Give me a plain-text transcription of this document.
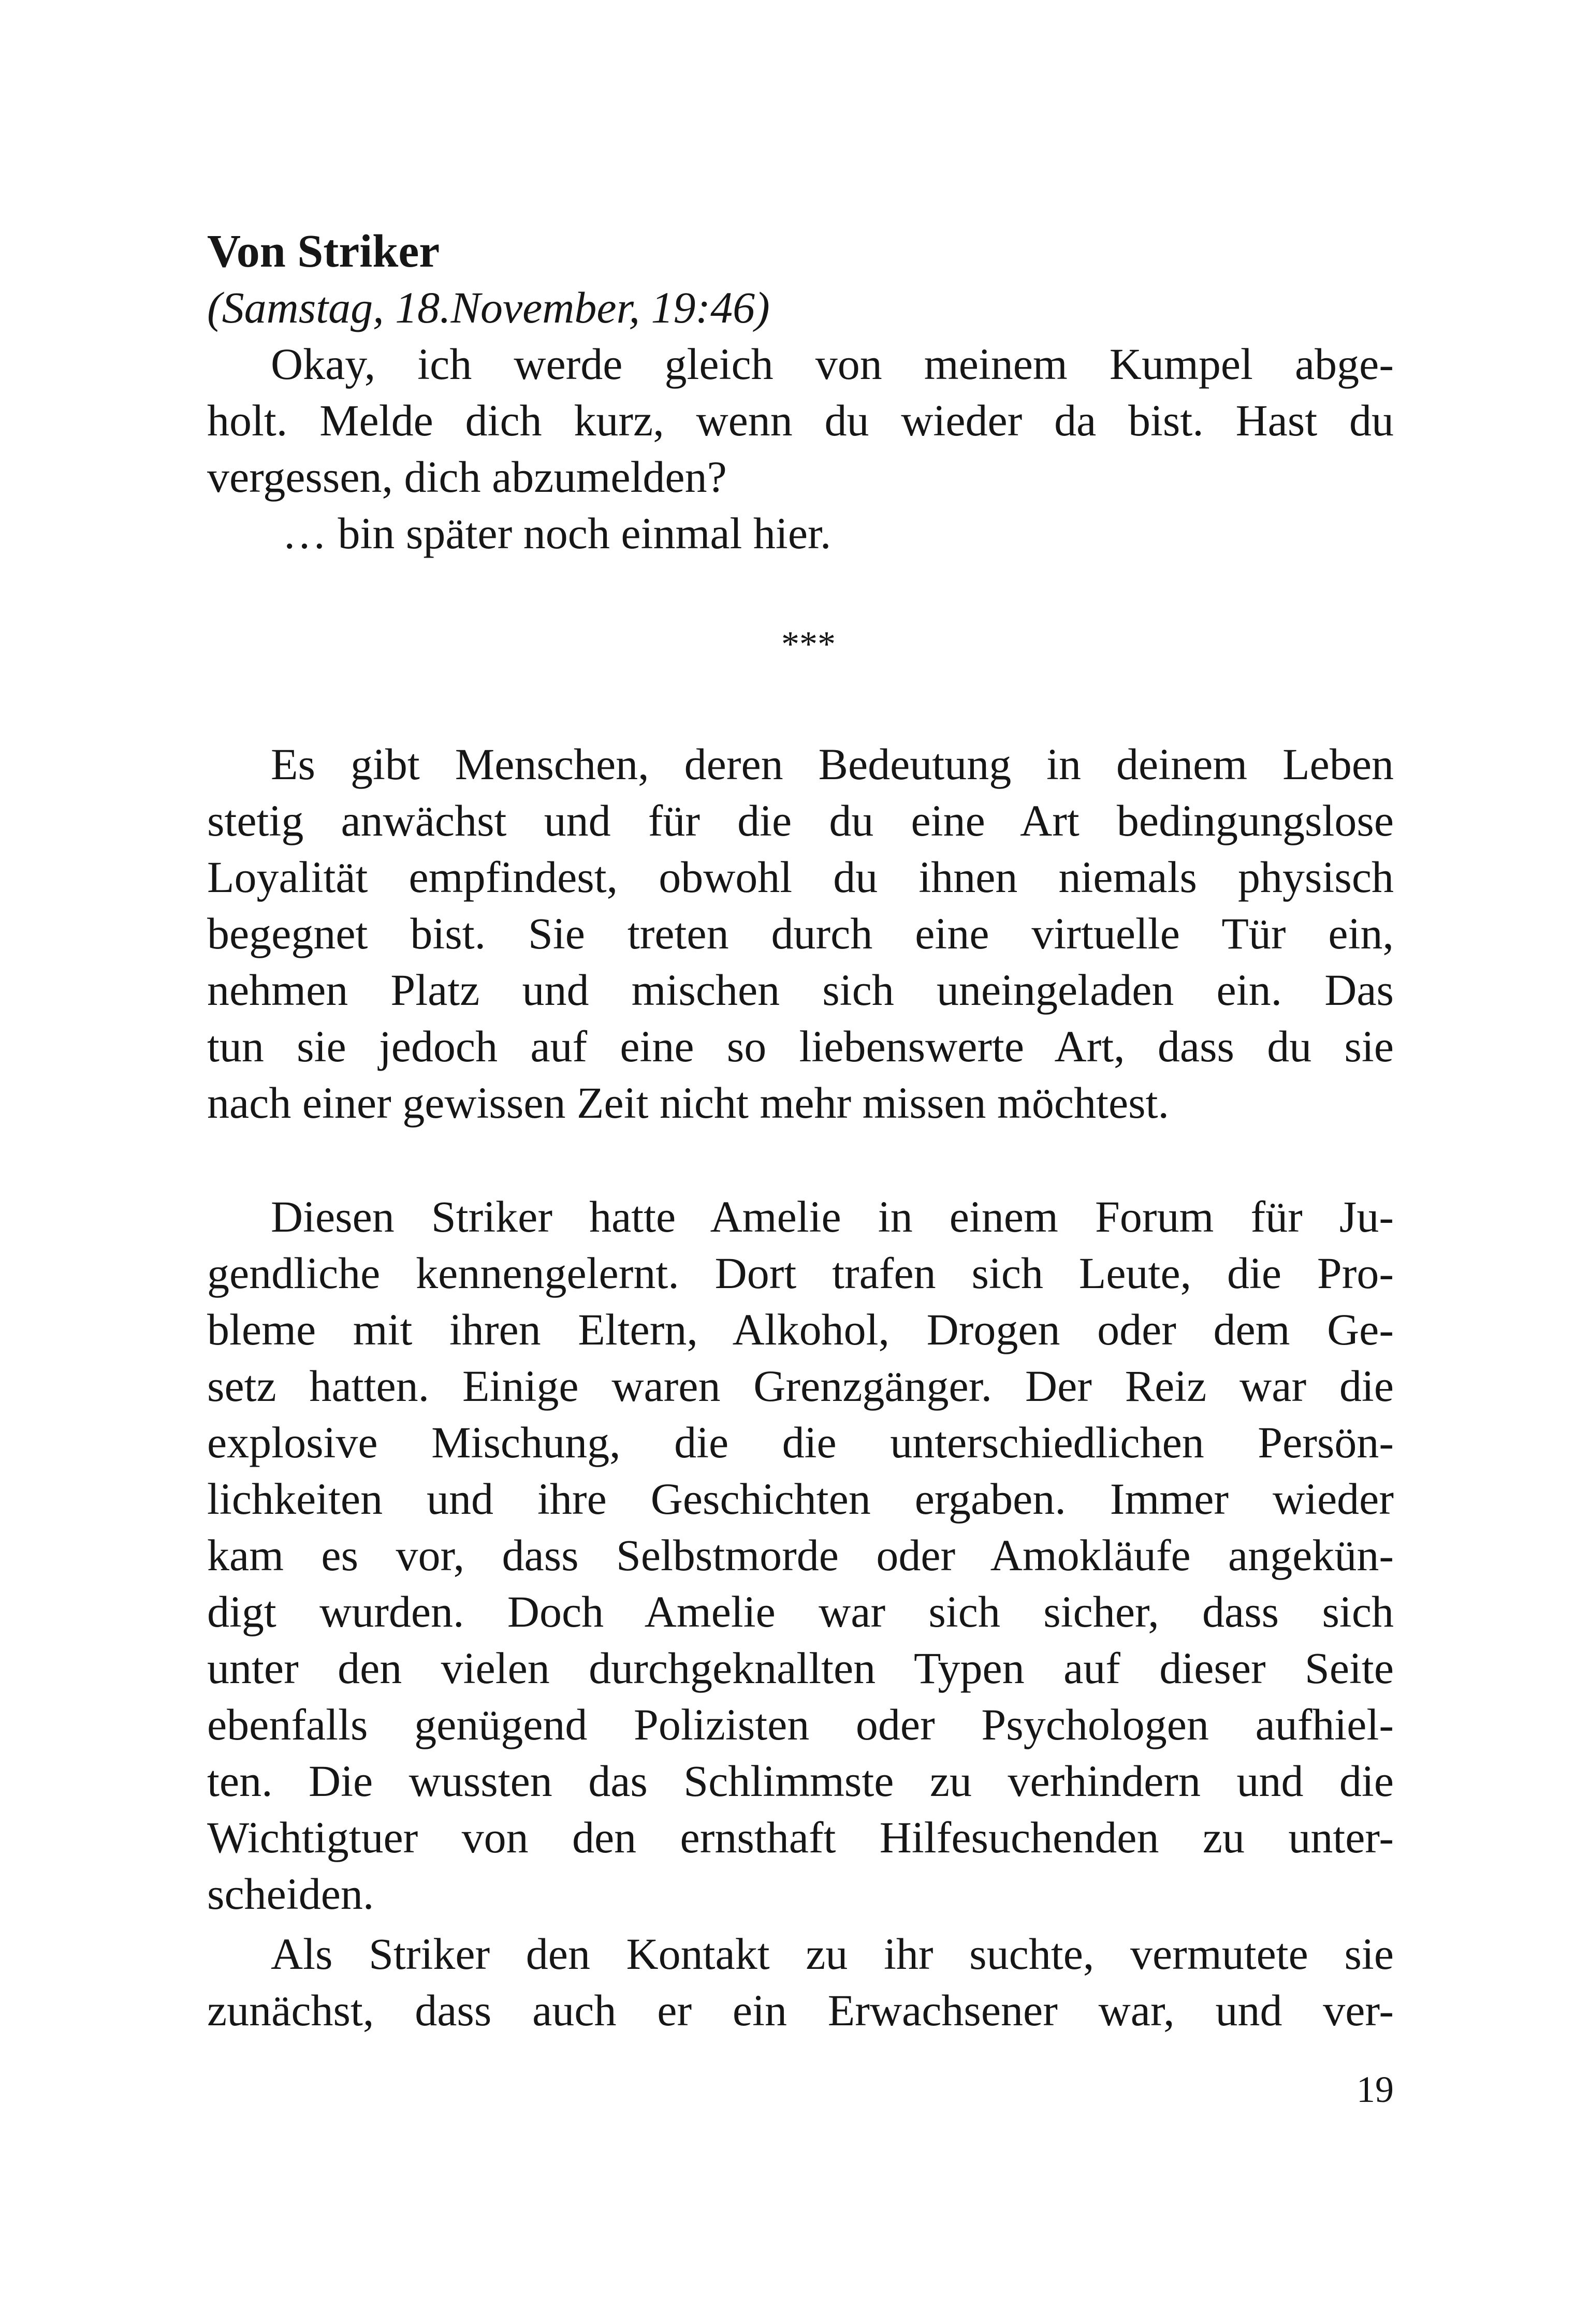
Von Striker
(Samstag, 18.November, 19:46)
Okay, ich werde gleich von meinem Kumpel abge-
holt. Melde dich kurz, wenn du wieder da bist. Hast du
vergessen, dich abzumelden?
… bin später noch einmal hier.
***
Es gibt Menschen, deren Bedeutung in deinem Leben
stetig anwächst und für die du eine Art bedingungslose
Loyalität empfindest, obwohl du ihnen niemals physisch
begegnet bist. Sie treten durch eine virtuelle Tür ein,
nehmen Platz und mischen sich uneingeladen ein. Das
tun sie jedoch auf eine so liebenswerte Art, dass du sie
nach einer gewissen Zeit nicht mehr missen möchtest.
Diesen Striker hatte Amelie in einem Forum für Ju-
gendliche kennengelernt. Dort trafen sich Leute, die Pro-
bleme mit ihren Eltern, Alkohol, Drogen oder dem Ge-
setz hatten. Einige waren Grenzgänger. Der Reiz war die
explosive Mischung, die die unterschiedlichen Persön-
lichkeiten und ihre Geschichten ergaben. Immer wieder
kam es vor, dass Selbstmorde oder Amokläufe angekün-
digt wurden. Doch Amelie war sich sicher, dass sich
unter den vielen durchgeknallten Typen auf dieser Seite
ebenfalls genügend Polizisten oder Psychologen aufhiel-
ten. Die wussten das Schlimmste zu verhindern und die
Wichtigtuer von den ernsthaft Hilfesuchenden zu unter-
scheiden.
Als Striker den Kontakt zu ihr suchte, vermutete sie
zunächst, dass auch er ein Erwachsener war, und ver-
19
